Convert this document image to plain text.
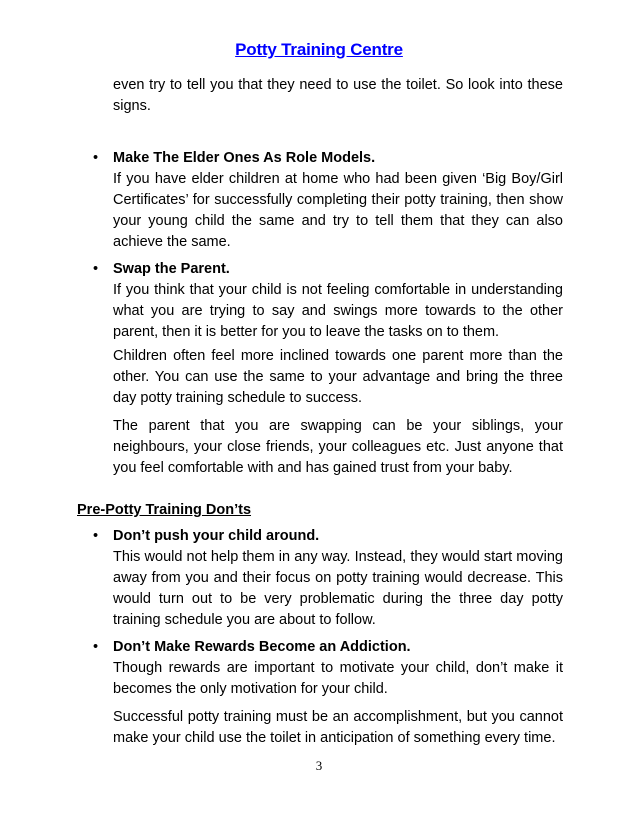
Potty Training Centre
even try to tell you that they need to use the toilet. So look into these signs.
• Make The Elder Ones As Role Models.
If you have elder children at home who had been given ‘Big Boy/Girl Certificates’ for successfully completing their potty training, then show your young child the same and try to tell them that they can also achieve the same.
• Swap the Parent.
If you think that your child is not feeling comfortable in understanding what you are trying to say and swings more towards to the other parent, then it is better for you to leave the tasks on to them.
Children often feel more inclined towards one parent more than the other. You can use the same to your advantage and bring the three day potty training schedule to success.
The parent that you are swapping can be your siblings, your neighbours, your close friends, your colleagues etc. Just anyone that you feel comfortable with and has gained trust from your baby.
Pre-Potty Training Don’ts
• Don’t push your child around.
This would not help them in any way. Instead, they would start moving away from you and their focus on potty training would decrease. This would turn out to be very problematic during the three day potty training schedule you are about to follow.
• Don’t Make Rewards Become an Addiction.
Though rewards are important to motivate your child, don’t make it becomes the only motivation for your child.
Successful potty training must be an accomplishment, but you cannot make your child use the toilet in anticipation of something every time.
3
